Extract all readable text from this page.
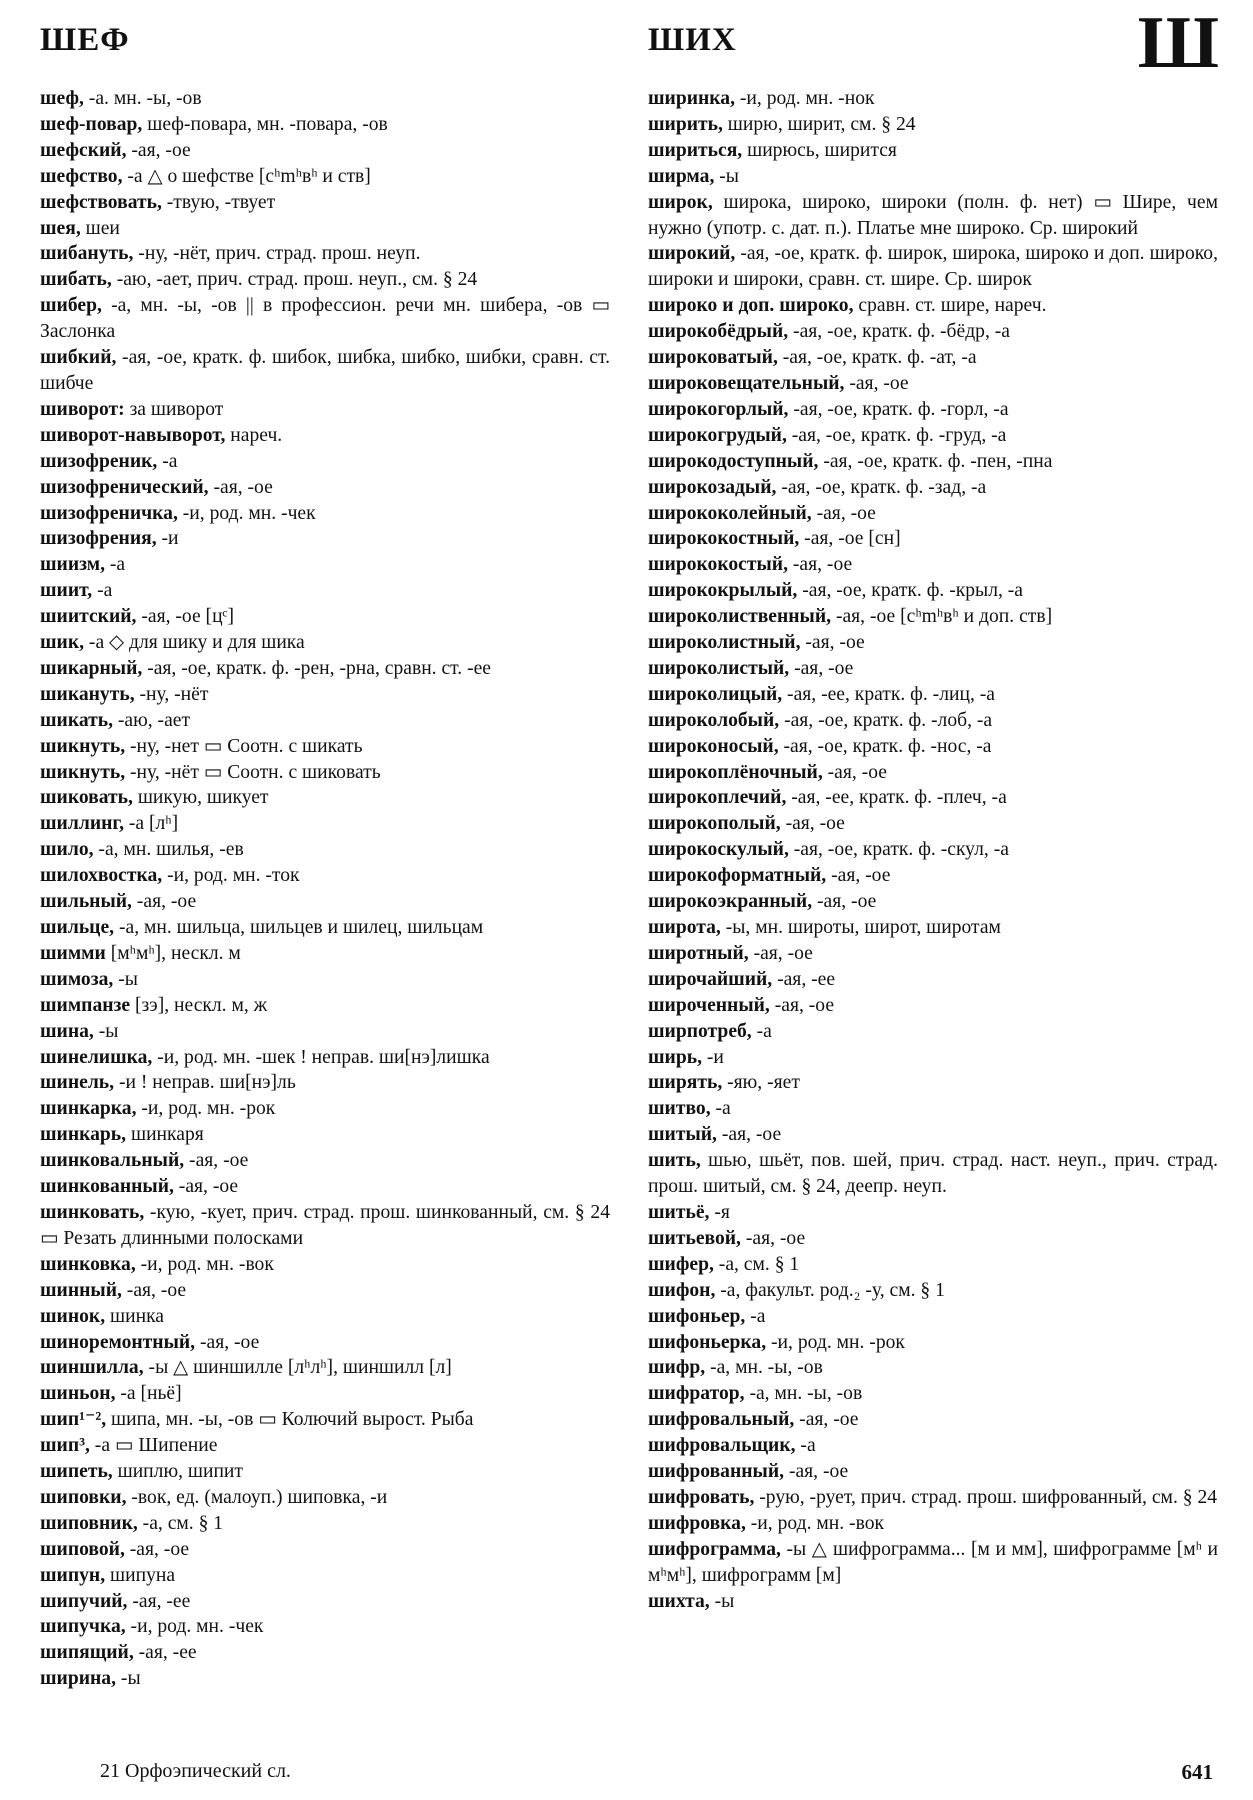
ШЕФ	ШИХ	Ш
шеф, -а. мн. -ы, -ов
шеф-повар, шеф-повара, мн. -повара, -ов
шефский, -ая, -ое
шефство, -а △ о шефстве [сʰmʰвʰ и ств]
шефствовать, -твую, -твует
шея, шеи
шибануть, -ну, -нёт, прич. страд. прош. неуп.
шибать, -аю, -ает, прич. страд. прош. неуп., см. § 24
шибер, -а, мн. -ы, -ов || в профессион. речи мн. шибера, -ов ▭ Заслонка
шибкий, -ая, -ое, кратк. ф. шибок, шибка, шибко, шибки, сравн. ст. шибче
шиворот: за шиворот
шиворот-навыворот, нареч.
шизофреник, -а
шизофренический, -ая, -ое
шизофреничка, -и, род. мн. -чек
шизофрения, -и
шиизм, -а
шиит, -а
шиитский, -ая, -ое [цᶜ]
шик, -а ◇ для шику и для шика
шикарный, -ая, -ое, кратк. ф. -рен, -рна, сравн. ст. -ее
шикануть, -ну, -нёт
шикать, -аю, -ает
шикнуть, -ну, -нет ▭ Соотн. с шикать
шикнуть, -ну, -нёт ▭ Соотн. с шиковать
шиковать, шикую, шикует
шиллинг, -а [лʰ]
шило, -а, мн. шилья, -ев
шилохвостка, -и, род. мн. -ток
шильный, -ая, -ое
шильце, -а, мн. шильца, шильцев и шилец, шильцам
шимми [мʰмʰ], нескл. м
шимоза, -ы
шимпанзе [зэ], нескл. м, ж
шина, -ы
шинелишка, -и, род. мн. -шек ! неправ. ши[нэ]лишка
шинель, -и ! неправ. ши[нэ]ль
шинкарка, -и, род. мн. -рок
шинкарь, шинкаря
шинковальный, -ая, -ое
шинкованный, -ая, -ое
шинковать, -кую, -кует, прич. страд. прош. шинкованный, см. § 24 ▭ Резать длинными полосками
шинковка, -и, род. мн. -вок
шинный, -ая, -ое
шинок, шинка
шиноремонтный, -ая, -ое
шиншилла, -ы △ шиншилле [лʰлʰ], шиншилл [л]
шиньон, -а [ньё]
шип¹⁻², шипа, мн. -ы, -ов ▭ Колючий вырост. Рыба
шип³, -а ▭ Шипение
шипеть, шиплю, шипит
шиповки, -вок, ед. (малоуп.) шиповка, -и
шиповник, -а, см. § 1
шиповой, -ая, -ое
шипун, шипуна
шипучий, -ая, -ее
шипучка, -и, род. мн. -чек
шипящий, -ая, -ее
ширина, -ы
ширинка, -и, род. мн. -нок
ширить, ширю, ширит, см. § 24
шириться, ширюсь, ширится
ширма, -ы
широк, широка, широко, широки (полн. ф. нет) ▭ Шире, чем нужно (употр. с. дат. п.). Платье мне широко. Ср. широкий
широкий, -ая, -ое, кратк. ф. широк, широка, широко и доп. широко, широки и широки, сравн. ст. шире. Ср. широк
широко и доп. широко, сравн. ст. шире, нареч.
широкобёдрый, -ая, -ое, кратк. ф. -бёдр, -а
широковатый, -ая, -ое, кратк. ф. -ат, -а
широковещательный, -ая, -ое
широкогорлый, -ая, -ое, кратк. ф. -горл, -а
широкогрудый, -ая, -ое, кратк. ф. -груд, -а
широкодоступный, -ая, -ое, кратк. ф. -пен, -пна
широкозадый, -ая, -ое, кратк. ф. -зад, -а
ширококолейный, -ая, -ое
ширококостный, -ая, -ое [сн]
ширококостый, -ая, -ое
ширококрылый, -ая, -ое, кратк. ф. -крыл, -а
широколиственный, -ая, -ое [сʰmʰвʰ и доп. ств]
широколистный, -ая, -ое
широколистый, -ая, -ое
широколицый, -ая, -ее, кратк. ф. -лиц, -а
широколобый, -ая, -ое, кратк. ф. -лоб, -а
широконосый, -ая, -ое, кратк. ф. -нос, -а
широкоплёночный, -ая, -ое
широкоплечий, -ая, -ее, кратк. ф. -плеч, -а
широкополый, -ая, -ое
широкоскулый, -ая, -ое, кратк. ф. -скул, -а
широкоформатный, -ая, -ое
широкоэкранный, -ая, -ое
широта, -ы, мн. широты, широт, широтам
широтный, -ая, -ое
широчайший, -ая, -ее
широченный, -ая, -ое
ширпотреб, -а
ширь, -и
ширять, -яю, -яет
шитво, -а
шитый, -ая, -ое
шить, шью, шьёт, пов. шей, прич. страд. наст. неуп., прич. страд. прош. шитый, см. § 24, деепр. неуп.
шитьё, -я
шитьевой, -ая, -ое
шифер, -а, см. § 1
шифон, -а, факульт. род.₂ -у, см. § 1
шифоньер, -а
шифоньерка, -и, род. мн. -рок
шифр, -а, мн. -ы, -ов
шифратор, -а, мн. -ы, -ов
шифровальный, -ая, -ое
шифровальщик, -а
шифрованный, -ая, -ое
шифровать, -рую, -рует, прич. страд. прош. шифрованный, см. § 24
шифровка, -и, род. мн. -вок
шифрограмма, -ы △ шифрограмма... [м и мм], шифрограмме [мʰ и мʰмʰ], шифрограмм [м]
шихта, -ы
21 Орфоэпический сл.	641
